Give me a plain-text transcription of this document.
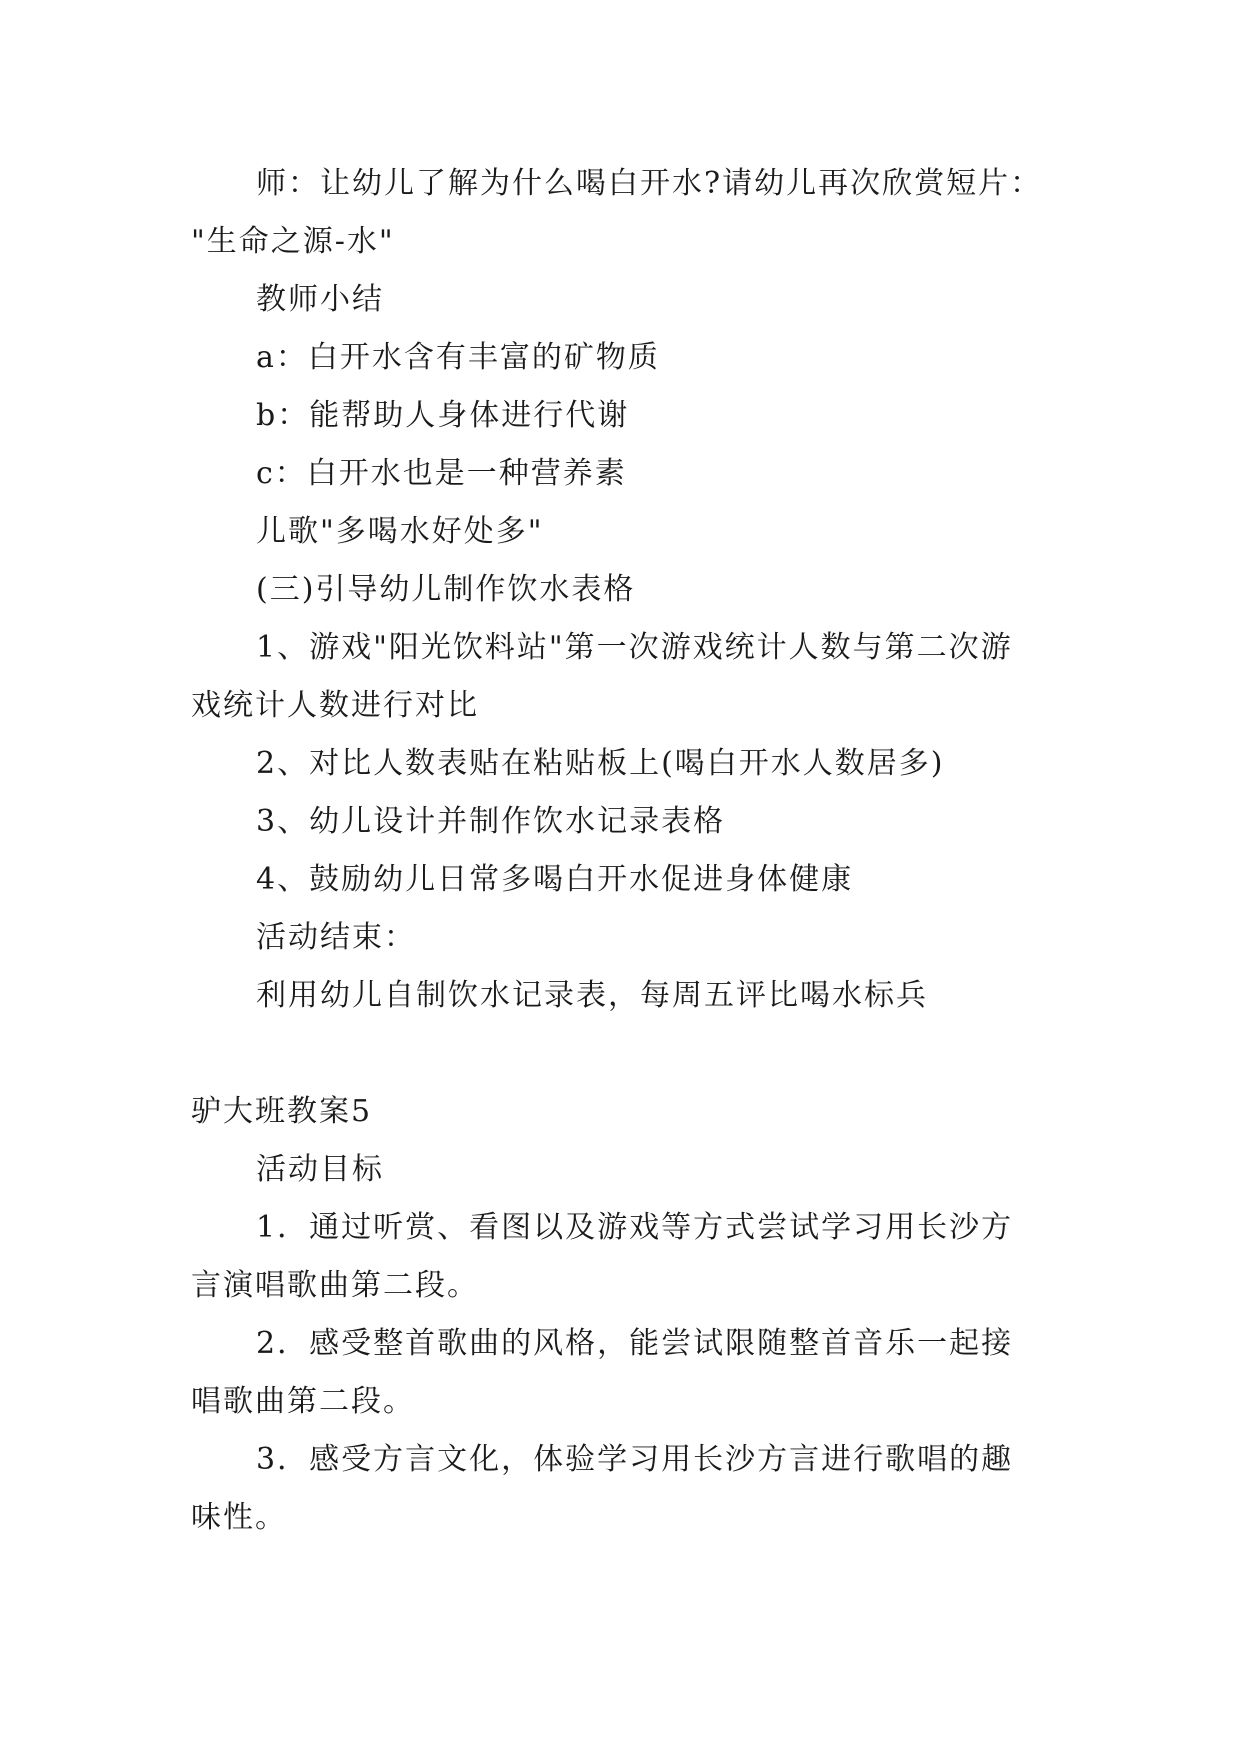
师：让幼儿了解为什么喝白开水?请幼儿再次欣赏短片：
"生命之源-水"
教师小结
a：白开水含有丰富的矿物质
b：能帮助人身体进行代谢
c：白开水也是一种营养素
儿歌"多喝水好处多"
(三)引导幼儿制作饮水表格
1、游戏"阳光饮料站"第一次游戏统计人数与第二次游
戏统计人数进行对比
2、对比人数表贴在粘贴板上(喝白开水人数居多)
3、幼儿设计并制作饮水记录表格
4、鼓励幼儿日常多喝白开水促进身体健康
活动结束：
利用幼儿自制饮水记录表，每周五评比喝水标兵
驴大班教案5
活动目标
1．通过听赏、看图以及游戏等方式尝试学习用长沙方
言演唱歌曲第二段。
2．感受整首歌曲的风格，能尝试限随整首音乐一起接
唱歌曲第二段。
3．感受方言文化，体验学习用长沙方言进行歌唱的趣
味性。
